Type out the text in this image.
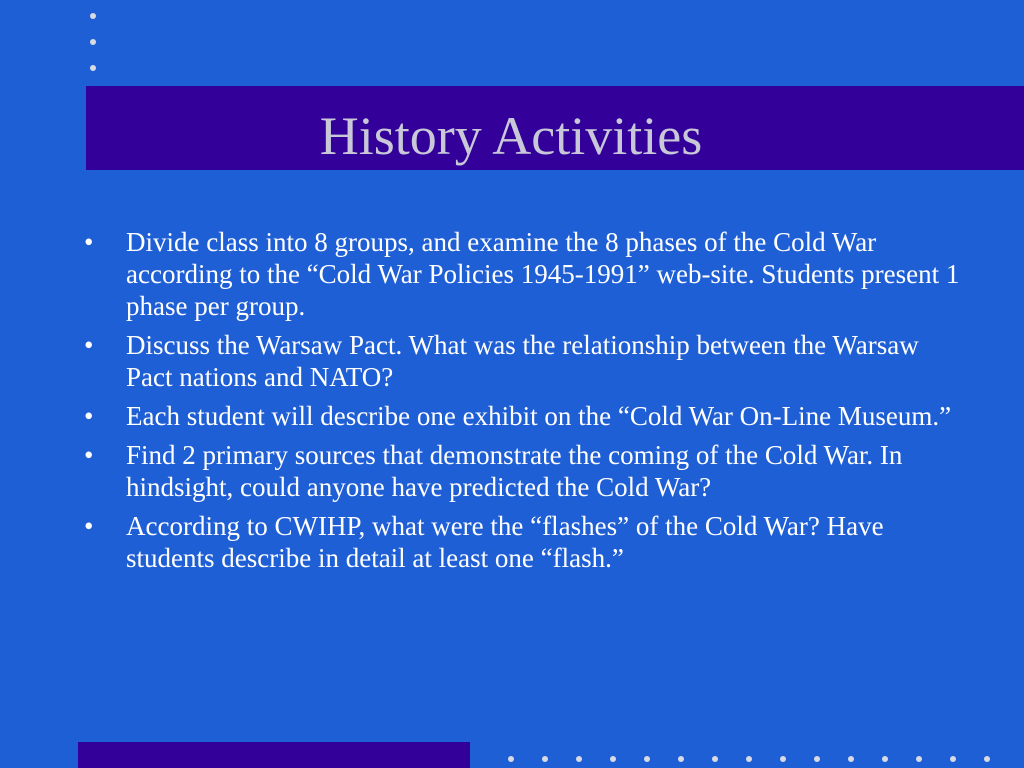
History Activities
• Divide class into 8 groups, and examine the 8 phases of the Cold War according to the “Cold War Policies 1945-1991” web-site. Students present 1 phase per group.
• Discuss the Warsaw Pact. What was the relationship between the Warsaw Pact nations and NATO?
• Each student will describe one exhibit on the “Cold War On-Line Museum.”
• Find 2 primary sources that demonstrate the coming of the Cold War. In hindsight, could anyone have predicted the Cold War?
• According to CWIHP, what were the “flashes” of the Cold War? Have students describe in detail at least one “flash.”
